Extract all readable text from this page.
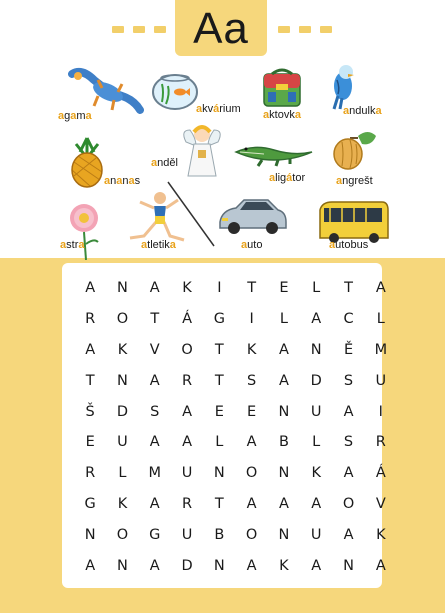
Aa
agama
akvárium aktovka	andulka
ananas
anděl
aligátor	angrešt
astra	atletika	auto	autobus
A	N	A	K	I	T	E	L	T	A
R	O	T	Á	G	I	L	A	C	L
A	K	V	O	T	K	A	N	Ě	M
T	N	A	R	T	S	A	D	S	U
Š	D	S	A	E	E	N	U	A	I
E	U	A	A	L	A	B	L	S	R
R	L	M	U	N	O	N	K	A	Á
G	K	A	R	T	A	A	A	O	V
N	O	G	U	B	O	N	U	A	K
A	N	A	D	N	A	K	A	N	A
